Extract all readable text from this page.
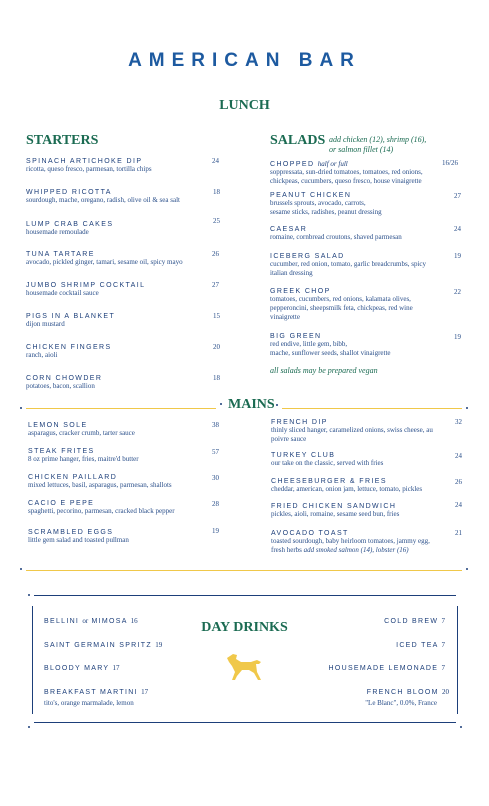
AMERICAN BAR
LUNCH
STARTERS
SPINACH ARTICHOKE DIP
ricotta, queso fresco, parmesan, tortilla chips
24
WHIPPED RICOTTA
sourdough, mache, oregano, radish, olive oil & sea salt
18
LUMP CRAB CAKES
housemade remoulade
25
TUNA TARTARE
avocado, pickled ginger, tamari, sesame oil, spicy mayo
26
JUMBO SHRIMP COCKTAIL
housemade cocktail sauce
27
PIGS IN A BLANKET
dijon mustard
15
CHICKEN FINGERS
ranch, aioli
20
CORN CHOWDER
potatoes, bacon, scallion
18
SALADS add chicken (12), shrimp (16),
or salmon fillet (14)
CHOPPED half or full
soppressata, sun-dried tomatoes, tomatoes, red onions,
chickpeas, cucumbers, queso fresco, house vinaigrette
16/26
PEANUT CHICKEN
brussels sprouts, avocado, carrots,
sesame sticks, radishes, peanut dressing
27
CAESAR
romaine, cornbread croutons, shaved parmesan
24
ICEBERG SALAD
cucumber, red onion, tomato, garlic breadcrumbs, spicy
italian dressing
19
GREEK CHOP
tomatoes, cucumbers, red onions, kalamata olives,
pepperoncini, sheepsmilk feta, chickpeas, red wine
vinaigrette
22
BIG GREEN
red endive, little gem, bibb,
mache, sunflower seeds, shallot vinaigrette
19
all salads may be prepared vegan
MAINS
LEMON SOLE
asparagus, cracker crumb, tarter sauce
38
STEAK FRITES
8 oz prime hanger, fries, maitre'd butter
57
CHICKEN PAILLARD
mixed lettuces, basil, asparagus, parmesan, shallots
30
CACIO E PEPE
spaghetti, pecorino, parmesan, cracked black pepper
28
SCRAMBLED EGGS
little gem salad and toasted pullman
19
FRENCH DIP
thinly sliced hanger, caramelized onions, swiss cheese, au
poivre sauce
32
TURKEY CLUB
our take on the classic, served with fries
24
CHEESEBURGER & FRIES
cheddar, american, onion jam, lettuce, tomato, pickles
26
FRIED CHICKEN SANDWICH
pickles, aioli, romaine, sesame seed bun, fries
24
AVOCADO TOAST
toasted sourdough, baby heirloom tomatoes, jammy egg,
fresh herbs add smoked salmon (14), lobster (16)
21
DAY DRINKS
BELLINI or MIMOSA 16
SAINT GERMAIN SPRITZ 19
BLOODY MARY 17
BREAKFAST MARTINI 17
tito's, orange marmalade, lemon
COLD BREW 7
ICED TEA 7
HOUSEMADE LEMONADE 7
FRENCH BLOOM 20
"Le Blanc", 0.0%, France
